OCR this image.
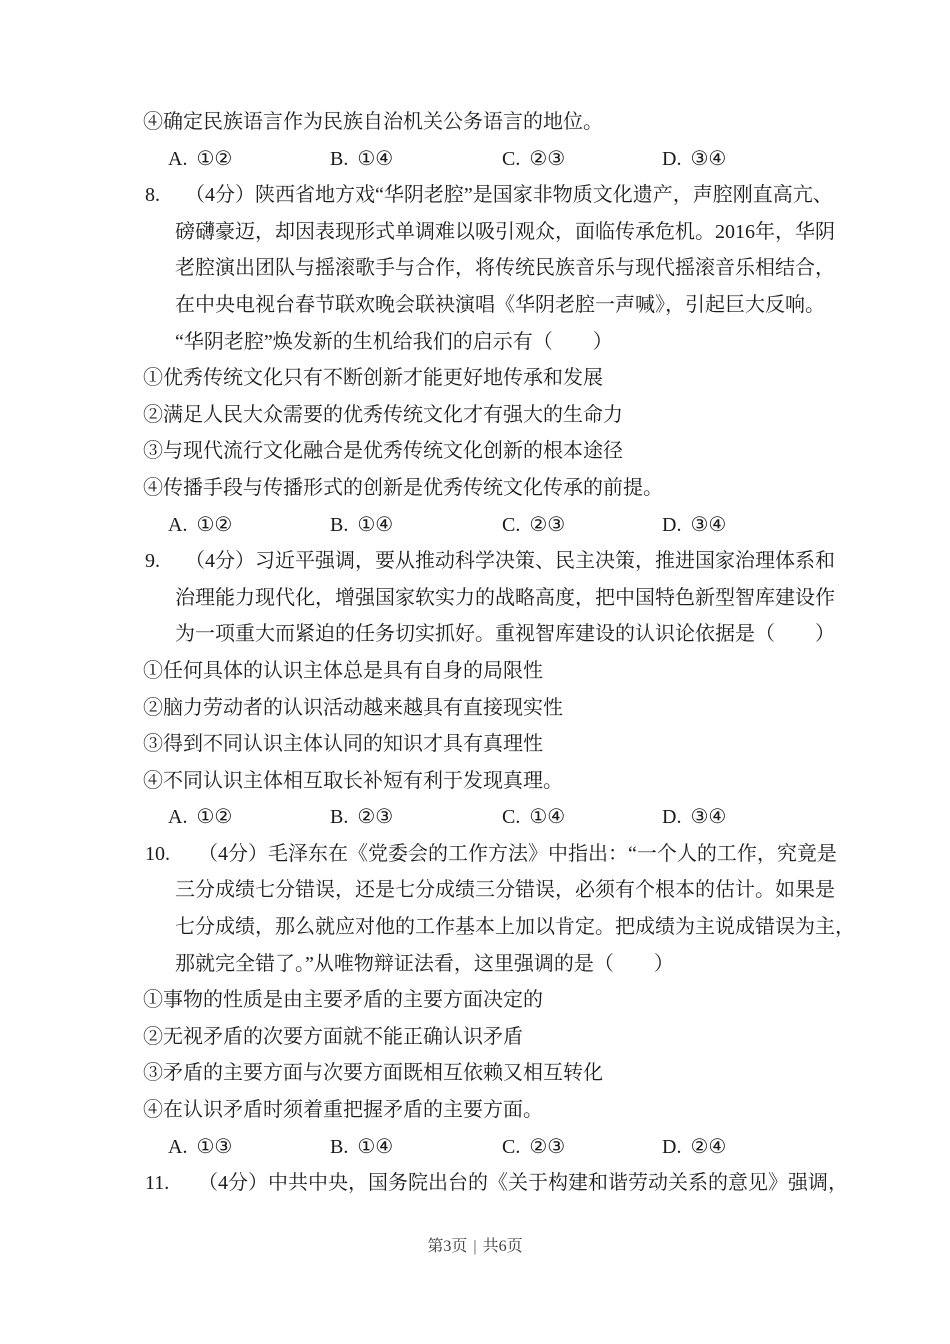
④确定民族语言作为民族自治机关公务语言的地位。
A. ①②	B. ①④	C. ②③	D. ③④
8. （4分）陕西省地方戏“华阴老腔”是国家非物质文化遗产，声腔刚直高亢、
磅礴豪迈，却因表现形式单调难以吸引观众，面临传承危机。2016年，华阴
老腔演出团队与摇滚歌手与合作，将传统民族音乐与现代摇滚音乐相结合，
在中央电视台春节联欢晚会联袂演唱《华阴老腔一声喊》，引起巨大反响。
“华阴老腔”焕发新的生机给我们的启示有（　　）
①优秀传统文化只有不断创新才能更好地传承和发展
②满足人民大众需要的优秀传统文化才有强大的生命力
③与现代流行文化融合是优秀传统文化创新的根本途径
④传播手段与传播形式的创新是优秀传统文化传承的前提。
A. ①②	B. ①④	C. ②③	D. ③④
9. （4分）习近平强调，要从推动科学决策、民主决策，推进国家治理体系和
治理能力现代化，增强国家软实力的战略高度，把中国特色新型智库建设作
为一项重大而紧迫的任务切实抓好。重视智库建设的认识论依据是（　　）
①任何具体的认识主体总是具有自身的局限性
②脑力劳动者的认识活动越来越具有直接现实性
③得到不同认识主体认同的知识才具有真理性
④不同认识主体相互取长补短有利于发现真理。
A. ①②	B. ②③	C. ①④	D. ③④
10. （4分）毛泽东在《党委会的工作方法》中指出：“一个人的工作，究竟是
三分成绩七分错误，还是七分成绩三分错误，必须有个根本的估计。如果是
七分成绩，那么就应对他的工作基本上加以肯定。把成绩为主说成错误为主，
那就完全错了。”从唯物辩证法看，这里强调的是（　　）
①事物的性质是由主要矛盾的主要方面决定的
②无视矛盾的次要方面就不能正确认识矛盾
③矛盾的主要方面与次要方面既相互依赖又相互转化
④在认识矛盾时须着重把握矛盾的主要方面。
A. ①③	B. ①④	C. ②③	D. ②④
11. （4分）中共中央，国务院出台的《关于构建和谐劳动关系的意见》强调，
第3页 | 共6页
